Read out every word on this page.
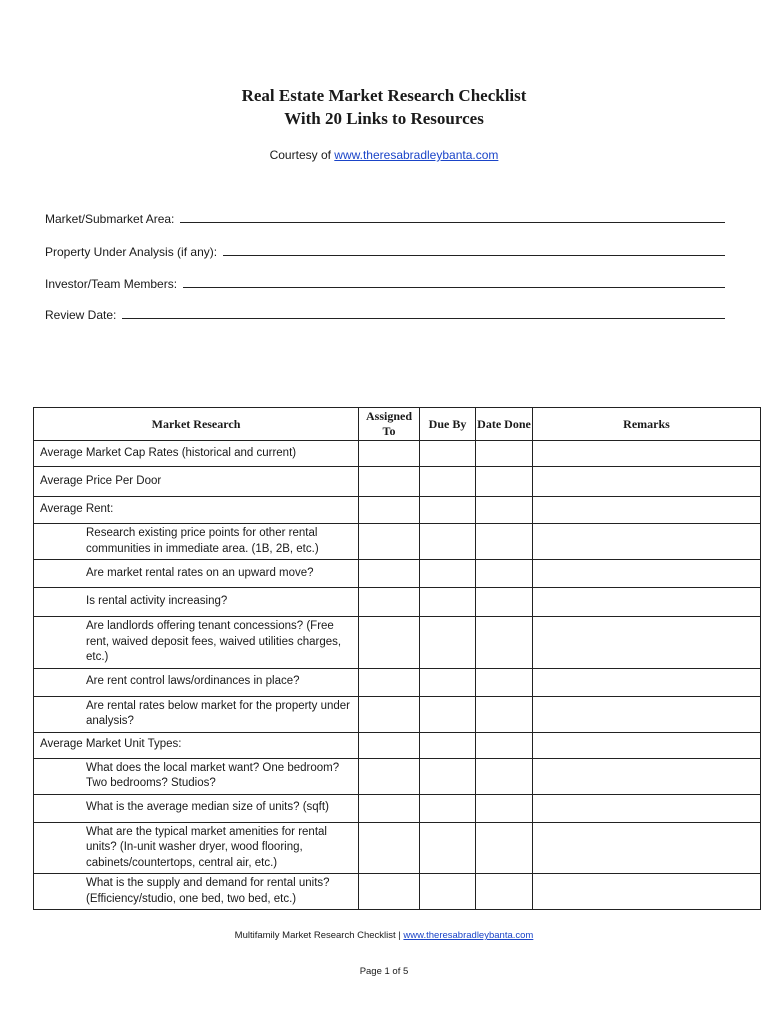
Real Estate Market Research Checklist
With 20 Links to Resources
Courtesy of www.theresabradleybanta.com
Market/Submarket Area:
Property Under Analysis (if any):
Investor/Team Members:
Review Date:
Market Research	Assigned To	Due By	Date Done	Remarks
Average Market Cap Rates (historical and current)				
Average Price Per Door				
Average Rent:				
Research existing price points for other rental communities in immediate area. (1B, 2B, etc.)				
Are market rental rates on an upward move?				
Is rental activity increasing?				
Are landlords offering tenant concessions? (Free rent, waived deposit fees, waived utilities charges, etc.)				
Are rent control laws/ordinances in place?				
Are rental rates below market for the property under analysis?				
Average Market Unit Types:				
What does the local market want? One bedroom? Two bedrooms? Studios?				
What is the average median size of units? (sqft)				
What are the typical market amenities for rental units? (In-unit washer dryer, wood flooring, cabinets/countertops, central air, etc.)				
What is the supply and demand for rental units? (Efficiency/studio, one bed, two bed, etc.)				
Multifamily Market Research Checklist | www.theresabradleybanta.com
Page 1 of 5
